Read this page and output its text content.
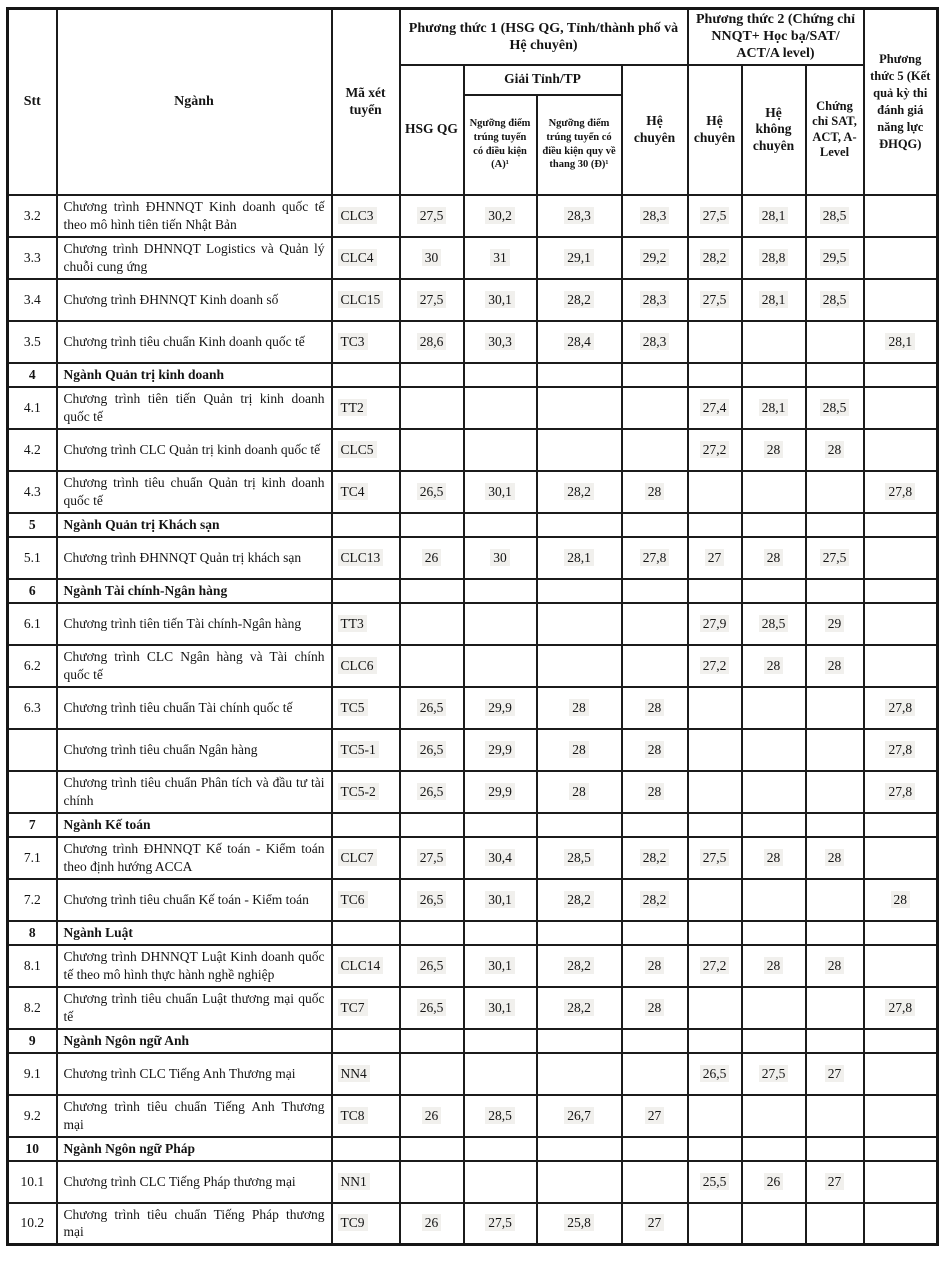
Stt	Ngành	Mã xét tuyển	Phương thức 1 (HSG QG, Tỉnh/thành phố và Hệ chuyên)				Phương thức 2 (Chứng chỉ NNQT+ Học bạ/SAT/ ACT/A level)			Phương thức 5 (Kết quả kỳ thi đánh giá năng lực ĐHQG)
			HSG QG	Giải Tỉnh/TP		Hệ chuyên	Hệ chuyên	Hệ không chuyên	Chứng chỉ SAT, ACT, A-Level	
				Ngưỡng điểm trúng tuyển có điều kiện (A)¹	Ngưỡng điểm trúng tuyển có điều kiện quy về thang 30 (Đ)¹					
3.2	Chương trình ĐHNNQT Kinh doanh quốc tế theo mô hình tiên tiến Nhật Bản	CLC3	27,5	30,2	28,3	28,3	27,5	28,1	28,5	
3.3	Chương trình DHNNQT Logistics và Quản lý chuỗi cung ứng	CLC4	30	31	29,1	29,2	28,2	28,8	29,5	
3.4	Chương trình ĐHNNQT Kinh doanh số	CLC15	27,5	30,1	28,2	28,3	27,5	28,1	28,5	
3.5	Chương trình tiêu chuẩn Kinh doanh quốc tế	TC3	28,6	30,3	28,4	28,3				28,1
4	Ngành Quản trị kinh doanh									
4.1	Chương trình tiên tiến Quản trị kinh doanh quốc tế	TT2					27,4	28,1	28,5	
4.2	Chương trình CLC Quản trị kinh doanh quốc tế	CLC5					27,2	28	28	
4.3	Chương trình tiêu chuẩn Quản trị kinh doanh quốc tế	TC4	26,5	30,1	28,2	28				27,8
5	Ngành Quản trị Khách sạn									
5.1	Chương trình ĐHNNQT Quản trị khách sạn	CLC13	26	30	28,1	27,8	27	28	27,5	
6	Ngành Tài chính-Ngân hàng									
6.1	Chương trình tiên tiến Tài chính-Ngân hàng	TT3					27,9	28,5	29	
6.2	Chương trình CLC Ngân hàng và Tài chính quốc tế	CLC6					27,2	28	28	
6.3	Chương trình tiêu chuẩn Tài chính quốc tế	TC5	26,5	29,9	28	28				27,8
	Chương trình tiêu chuẩn Ngân hàng	TC5-1	26,5	29,9	28	28				27,8
	Chương trình tiêu chuẩn Phân tích và đầu tư tài chính	TC5-2	26,5	29,9	28	28				27,8
7	Ngành Kế toán									
7.1	Chương trình ĐHNNQT Kế toán - Kiểm toán theo định hướng ACCA	CLC7	27,5	30,4	28,5	28,2	27,5	28	28	
7.2	Chương trình tiêu chuẩn Kế toán - Kiểm toán	TC6	26,5	30,1	28,2	28,2				28
8	Ngành Luật									
8.1	Chương trình DHNNQT Luật Kinh doanh quốc tế theo mô hình thực hành nghề nghiệp	CLC14	26,5	30,1	28,2	28	27,2	28	28	
8.2	Chương trình tiêu chuẩn Luật thương mại quốc tế	TC7	26,5	30,1	28,2	28				27,8
9	Ngành Ngôn ngữ Anh									
9.1	Chương trình CLC Tiếng Anh Thương mại	NN4					26,5	27,5	27	
9.2	Chương trình tiêu chuẩn Tiếng Anh Thương mại	TC8	26	28,5	26,7	27				
10	Ngành Ngôn ngữ Pháp									
10.1	Chương trình CLC Tiếng Pháp thương mại	NN1					25,5	26	27	
10.2	Chương trình tiêu chuẩn Tiếng Pháp thương mại	TC9	26	27,5	25,8	27				
